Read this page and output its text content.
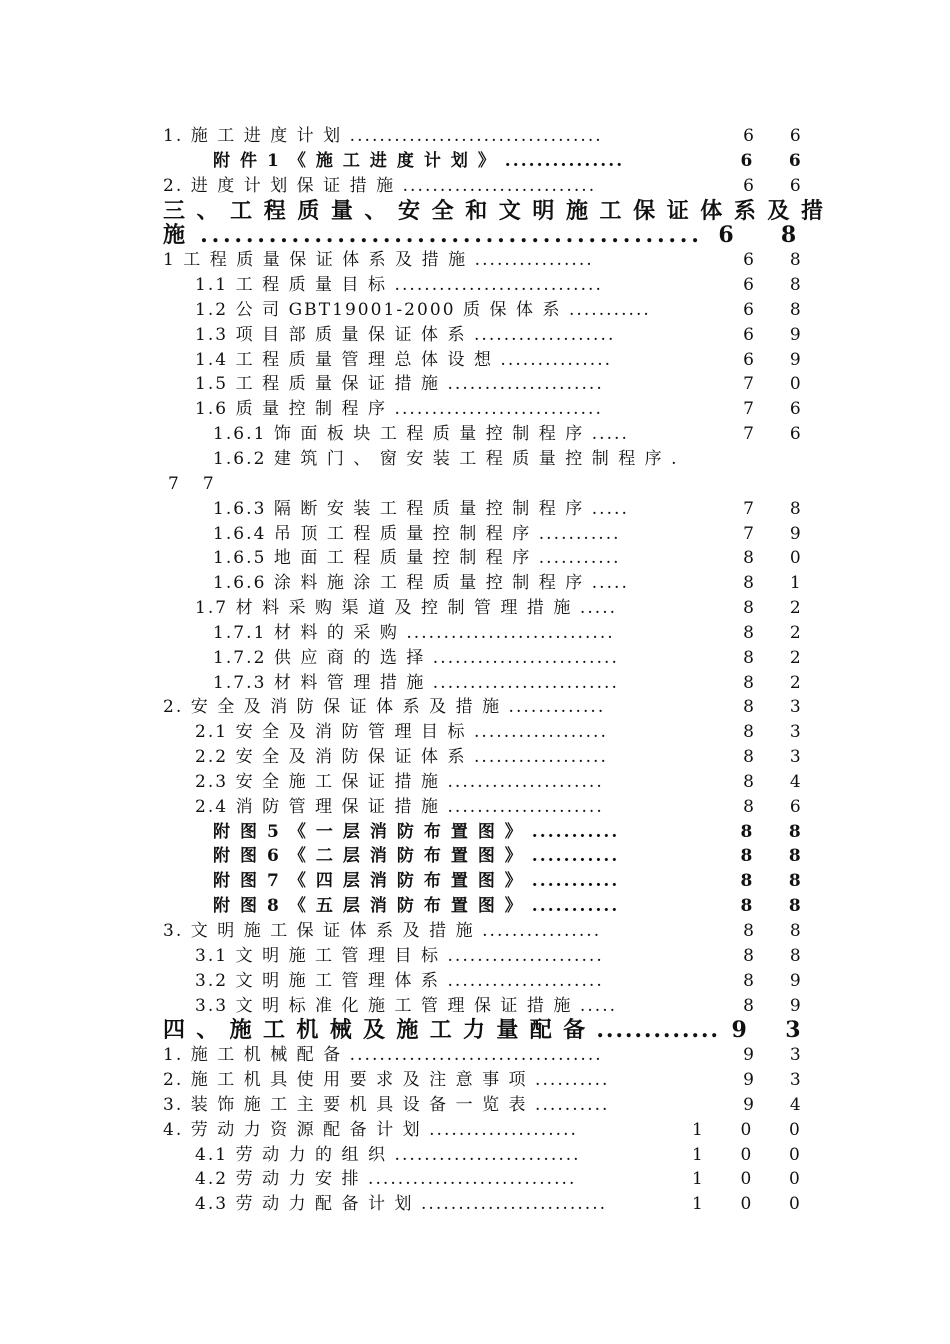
1. 施 工 进 度 计 划 ..................................	6 6
附 件 1 《 施 工 进 度 计 划 》 ...............	6 6
2. 进 度 计 划 保 证 措 施 ..........................	6 6
三 、 工 程 质 量 、 安 全 和 文 明 施 工 保 证 体 系 及 措
施 ............................................ 6 8
1 工 程 质 量 保 证 体 系 及 措 施 ................	6 8
1.1 工 程 质 量 目 标 ............................	6 8
1.2 公 司 GBT19001-2000 质 保 体 系 ...........	6 8
1.3 项 目 部 质 量 保 证 体 系 ...................	6 9
1.4 工 程 质 量 管 理 总 体 设 想 ...............	6 9
1.5 工 程 质 量 保 证 措 施 .....................	7 0
1.6 质 量 控 制 程 序 ............................	7 6
1.6.1 饰 面 板 块 工 程 质 量 控 制 程 序 .....	7 6
1.6.2 建 筑 门 、 窗 安 装 工 程 质 量 控 制 程 序 .
7 7
1.6.3 隔 断 安 装 工 程 质 量 控 制 程 序 .....	7 8
1.6.4 吊 顶 工 程 质 量 控 制 程 序 ...........	7 9
1.6.5 地 面 工 程 质 量 控 制 程 序 ...........	8 0
1.6.6 涂 料 施 涂 工 程 质 量 控 制 程 序 .....	8 1
1.7 材 料 采 购 渠 道 及 控 制 管 理 措 施 .....	8 2
1.7.1 材 料 的 采 购 ............................	8 2
1.7.2 供 应 商 的 选 择 .........................	8 2
1.7.3 材 料 管 理 措 施 .........................	8 2
2. 安 全 及 消 防 保 证 体 系 及 措 施 .............	8 3
2.1 安 全 及 消 防 管 理 目 标 ..................	8 3
2.2 安 全 及 消 防 保 证 体 系 ..................	8 3
2.3 安 全 施 工 保 证 措 施 .....................	8 4
2.4 消 防 管 理 保 证 措 施 .....................	8 6
附 图 5 《 一 层 消 防 布 置 图 》 ...........	8 8
附 图 6 《 二 层 消 防 布 置 图 》 ...........	8 8
附 图 7 《 四 层 消 防 布 置 图 》 ...........	8 8
附 图 8 《 五 层 消 防 布 置 图 》 ...........	8 8
3. 文 明 施 工 保 证 体 系 及 措 施 ................	8 8
3.1 文 明 施 工 管 理 目 标 .....................	8 8
3.2 文 明 施 工 管 理 体 系 .....................	8 9
3.3 文 明 标 准 化 施 工 管 理 保 证 措 施 .....	8 9
四 、 施 工 机 械 及 施 工 力 量 配 备 ............. 9 3
1. 施 工 机 械 配 备 ..................................	9 3
2. 施 工 机 具 使 用 要 求 及 注 意 事 项 ..........	9 3
3. 装 饰 施 工 主 要 机 具 设 备 一 览 表 ..........	9 4
4. 劳 动 力 资 源 配 备 计 划 ....................	1 0 0
4.1 劳 动 力 的 组 织 .........................	1 0 0
4.2 劳 动 力 安 排 ............................	1 0 0
4.3 劳 动 力 配 备 计 划 .........................	1 0 0
